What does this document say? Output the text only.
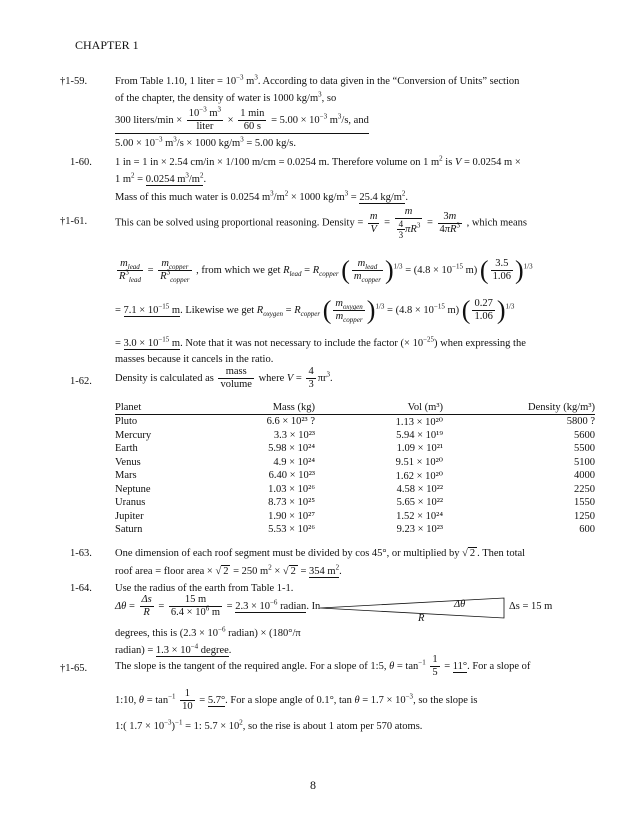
CHAPTER 1
†1-59.	From Table 1.10, 1 liter = $10^{-3}$ $m^3$. According to data given in the “Conversion of Units” section
of the chapter, the density of water is 1000 $kg/m^3$, so
300 liters/min × $\frac{10^{-3} m^3}{\text{liter}} \times \frac{1 \min}{60 s} = 5.00 \times 10^{-3}$ $m^3/s$, and
$5.00 \times 10^{-3}$ $m^3/s \times 1000$ $kg/m^3 = 5.00$ kg/s.
1-60. 1 in = 1 in × 2.54 cm/in × 1/100 m/cm = 0.0254 m. Therefore volume on 1 $m^2$ is V = 0.0254 m ×
1 $m^2 = 0.0254$ $m^3/m^2$.
Mass of this much water is 0.0254 $m^3/m^2 \times 1000$ $kg/m^3 = 25.4$ $kg/m^2$.
†1-61.	This can be solved using proportional reasoning. Density = $\frac{m}{V} = \frac{m}{\frac{4}{3} \pi R^3} = \frac{3m}{4\pi R^3}$ , which means
$\frac{m_{lead}}{R^3_{lead}} = \frac{m_{copper}}{R^3_{copper}}$ , from which we get $R_{lead} = R_{copper}$ ( $\frac{m_{lead}}{m_{copper}} )^{1/3} = (4.8 \times 10^{-15}$ m) ( $\frac{3.5}{1.06} )^{1/3}$
= $7.1 \times 10^{-15}$ m. Likewise we get $R_{oxygen} = R_{copper}$ ( $\frac{m_{oxygen}}{m_{copper}} )^{1/3} = (4.8 \times 10^{-15}$ m) ( $\frac{0.27}{1.06} )^{1/3}$
= $3.0 \times 10^{-15}$ m. Note that it was not necessary to include the factor (× $10^{-25}$) when expressing the
masses because it cancels in the ratio.
1-62. Density is calculated as $\frac{\text{mass}}{\text{volume}}$ where $V = \frac{4}{3} \pi r^3$.
Planet	Mass (kg)	Vol (m³)	Density (kg/m³)
Pluto	6.6 × 10²³ ?	1.13 × 10²⁰	5800 ?
Mercury	3.3 × 10²³	5.94 × 10¹⁹	5600
Earth	5.98 × 10²⁴	1.09 × 10²¹	5500
Venus	4.9 × 10²⁴	9.51 × 10²⁰	5100
Mars	6.40 × 10²³	1.62 × 10²⁰	4000
Neptune	1.03 × 10²⁶	4.58 × 10²²	2250
Uranus	8.73 × 10²⁵	5.65 × 10²²	1550
Jupiter	1.90 × 10²⁷	1.52 × 10²⁴	1250
Saturn	5.53 × 10²⁶	9.23 × 10²³	600
1-63. One dimension of each roof segment must be divided by cos 45°, or multiplied by √ 2 . Then total
roof area = floor area × √ 2 = 250 $m^2$ × √ 2 = 354 $m^2$.
1-64. Use the radius of the earth from Table 1-1.
$\Delta\theta = \frac{\Delta s}{R} = \frac{15 m}{6.4 \times 10^6 m} = 2.3 \times 10^{-6}$ radian. In	Δθ	Δs = 15 m
R
degrees, this is ($2.3 \times 10^{-6}$ radian) × (180°/π
radian) = $1.3 \times 10^{-4}$ degree.
†1-65.	The slope is the tangent of the required angle. For a slope of 1:5, $\theta = \tan^{-1} \frac{1}{5} = 11^\circ$. For a slope of
1:10, $\theta = \tan^{-1} \frac{1}{10} = 5.7^\circ$. For a slope angle of 0.1°, $\tan \theta = 1.7 \times 10^{-3}$, so the slope is
1:( $1.7 \times 10^{-3})^{-1} = 1$: $5.7 \times 10^2$, so the rise is about 1 atom per 570 atoms.
8
